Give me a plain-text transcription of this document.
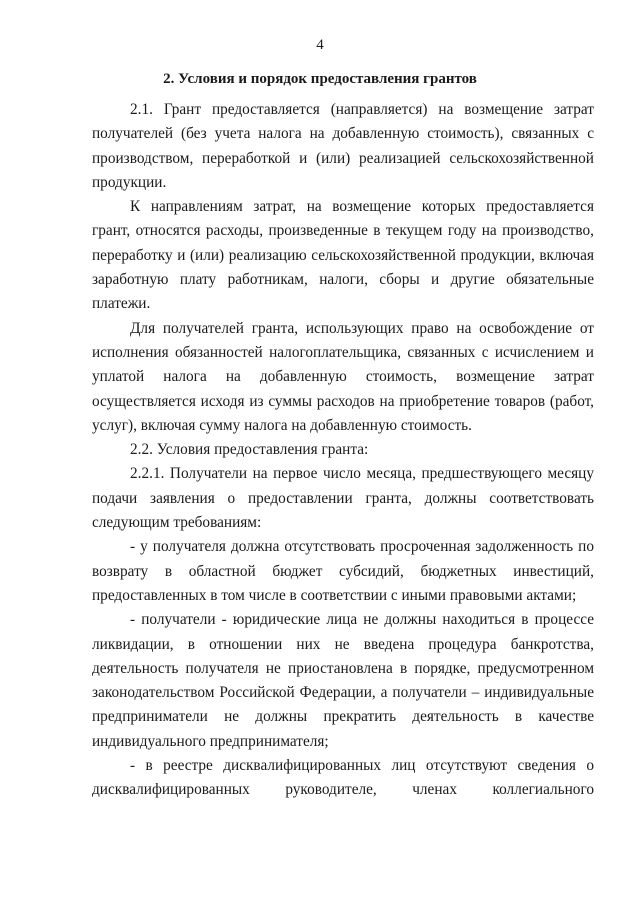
4
2. Условия и порядок предоставления грантов

2.1. Грант предоставляется (направляется) на возмещение затрат получателей (без учета налога на добавленную стоимость), связанных с производством, переработкой и (или) реализацией сельскохозяйственной продукции.

К направлениям затрат, на возмещение которых предоставляется грант, относятся расходы, произведенные в текущем году на производство, переработку и (или) реализацию сельскохозяйственной продукции, включая заработную плату работникам, налоги, сборы и другие обязательные платежи.

Для получателей гранта, использующих право на освобождение от исполнения обязанностей налогоплательщика, связанных с исчислением и уплатой налога на добавленную стоимость, возмещение затрат осуществляется исходя из суммы расходов на приобретение товаров (работ, услуг), включая сумму налога на добавленную стоимость.

2.2. Условия предоставления гранта:

2.2.1. Получатели на первое число месяца, предшествующего месяцу подачи заявления о предоставлении гранта, должны соответствовать следующим требованиям:

- у получателя должна отсутствовать просроченная задолженность по возврату в областной бюджет субсидий, бюджетных инвестиций, предоставленных в том числе в соответствии с иными правовыми актами;

- получатели - юридические лица не должны находиться в процессе ликвидации, в отношении них не введена процедура банкротства, деятельность получателя не приостановлена в порядке, предусмотренном законодательством Российской Федерации, а получатели – индивидуальные предприниматели не должны прекратить деятельность в качестве индивидуального предпринимателя;

- в реестре дисквалифицированных лиц отсутствуют сведения о дисквалифицированных руководителе, членах коллегиального
